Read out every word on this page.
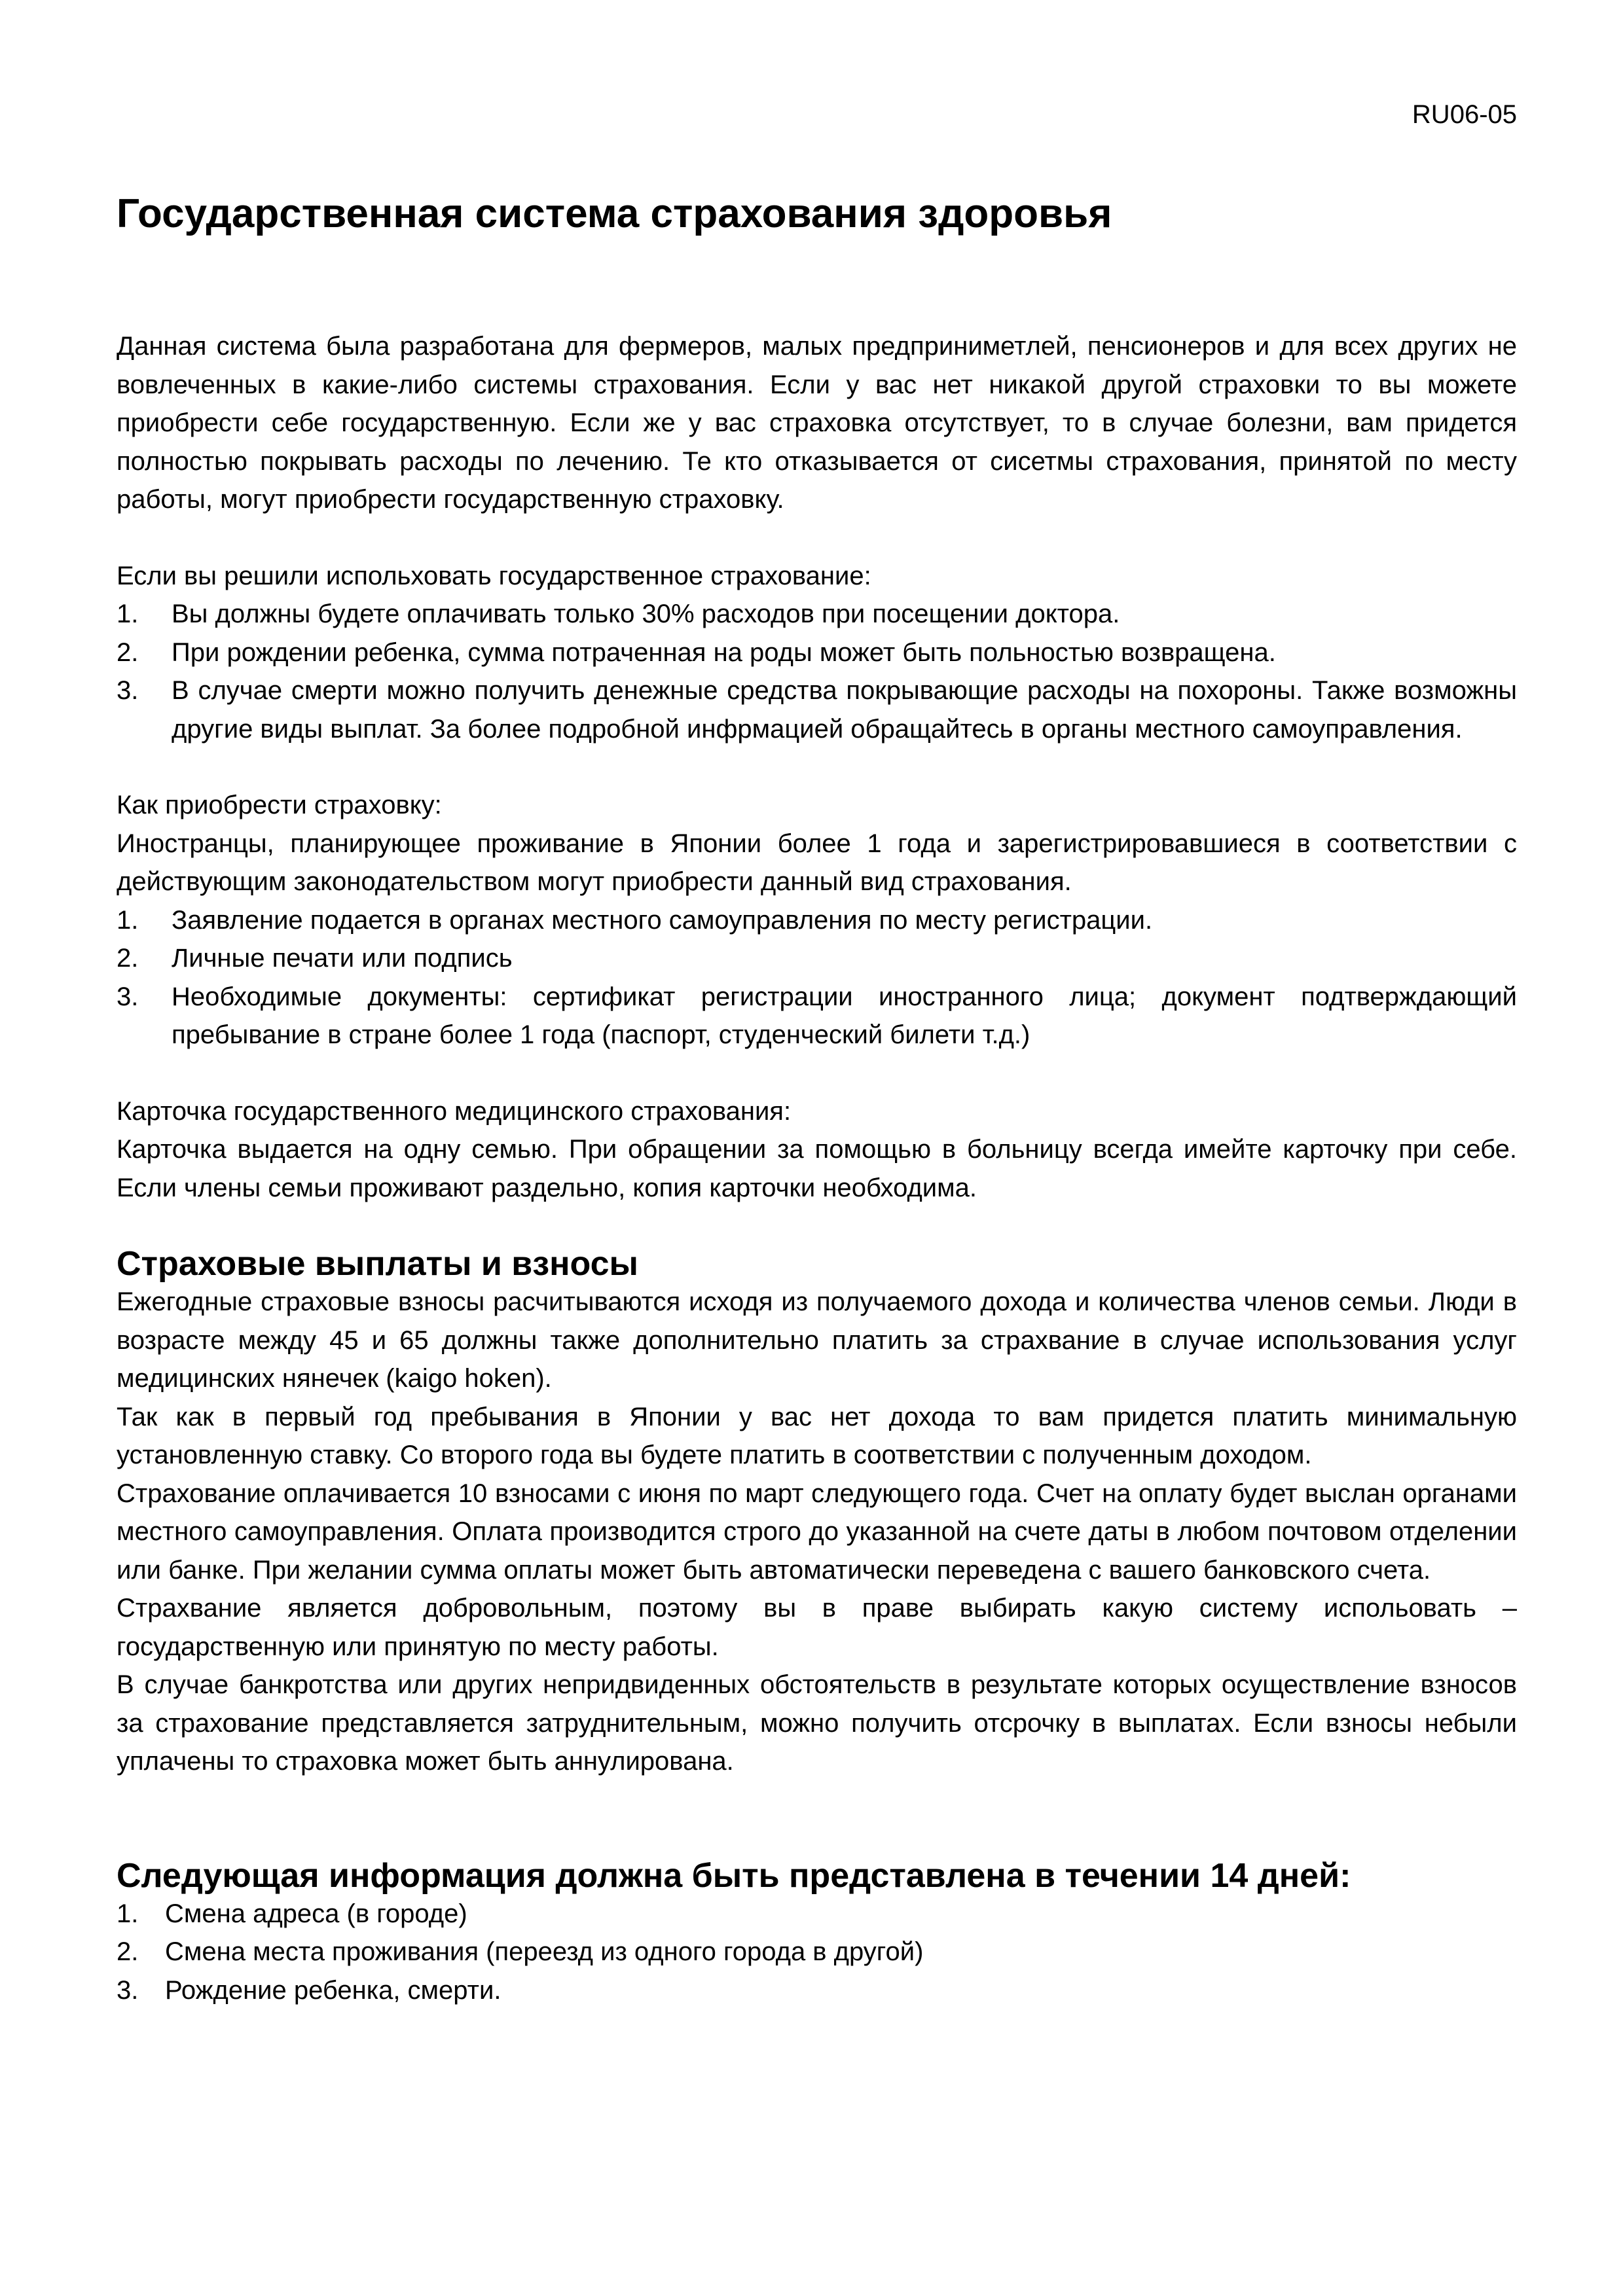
RU06-05
Государственная система страхования здоровья

Данная система была разработана для фермеров, малых предприниметлей, пенсионеров и для всех других не вовлеченных в какие-либо системы страхования. Если у вас нет никакой другой страховки то вы можете приобрести себе государственную. Если же у вас страховка отсутствует, то в случае болезни, вам придется полностью покрывать расходы по лечению. Те кто отказывается от сисетмы страхования, принятой по месту работы, могут приобрести государственную страховку.

Если вы решили испольховать государственное страхование:

1. Вы должны будете оплачивать только 30% расходов при посещении доктора.
2. При рождении ребенка, сумма потраченная на роды может быть польностью возвращена.
3. В случае смерти можно получить денежные средства покрывающие расходы на похороны. Также возможны другие виды выплат. За более подробной инфрмацией обращайтесь в органы местного самоуправления.

Как приобрести страховку:

Иностранцы, планирующее проживание в Японии более 1 года и зарегистрировавшиеся в соответствии с действующим законодательством могут приобрести данный вид страхования.

1. Заявление подается в органах местного самоуправления по месту регистрации.
2. Личные печати или подпись
3. Необходимые документы: сертификат регистрации иностранного лица; документ подтверждающий пребывание в стране более 1 года (паспорт, студенческий билети т.д.)

Карточка государственного медицинского страхования:

Карточка выдается на одну семью. При обращении за помощью в больницу всегда имейте карточку при себе. Если члены семьи проживают раздельно, копия карточки необходима.

Страховые выплаты и взносы

Ежегодные страховые взносы расчитываются исходя из получаемого дохода и количества членов семьи. Люди в возрасте между 45 и 65 должны также дополнительно платить за страхвание в случае использования услуг медицинских нянечек (kaigo hoken).

Так как в первый год пребывания в Японии у вас нет дохода то вам придется платить минимальную установленную ставку. Со второго года вы будете платить в соответствии с полученным доходом.

Страхование оплачивается 10 взносами с июня по март следующего года. Счет на оплату будет выслан органами местного самоуправления. Оплата производится строго до указанной на счете даты в любом почтовом отделении или банке. При желании сумма оплаты может быть автоматически переведена с вашего банковского счета.

Страхвание является добровольным, поэтому вы в праве выбирать какую систему испольовать – государственную или принятую по месту работы.

В случае банкротства или других непридвиденных обстоятельств в результате которых осуществление взносов за страхование представляется затруднительным, можно получить отсрочку в выплатах. Если взносы небыли уплачены то страховка может быть аннулирована.

Следующая информация должна быть представлена в течении 14 дней:
1. Смена адреса (в городе)
2. Смена места проживания (переезд из одного города в другой)
3. Рождение ребенка, смерти.
